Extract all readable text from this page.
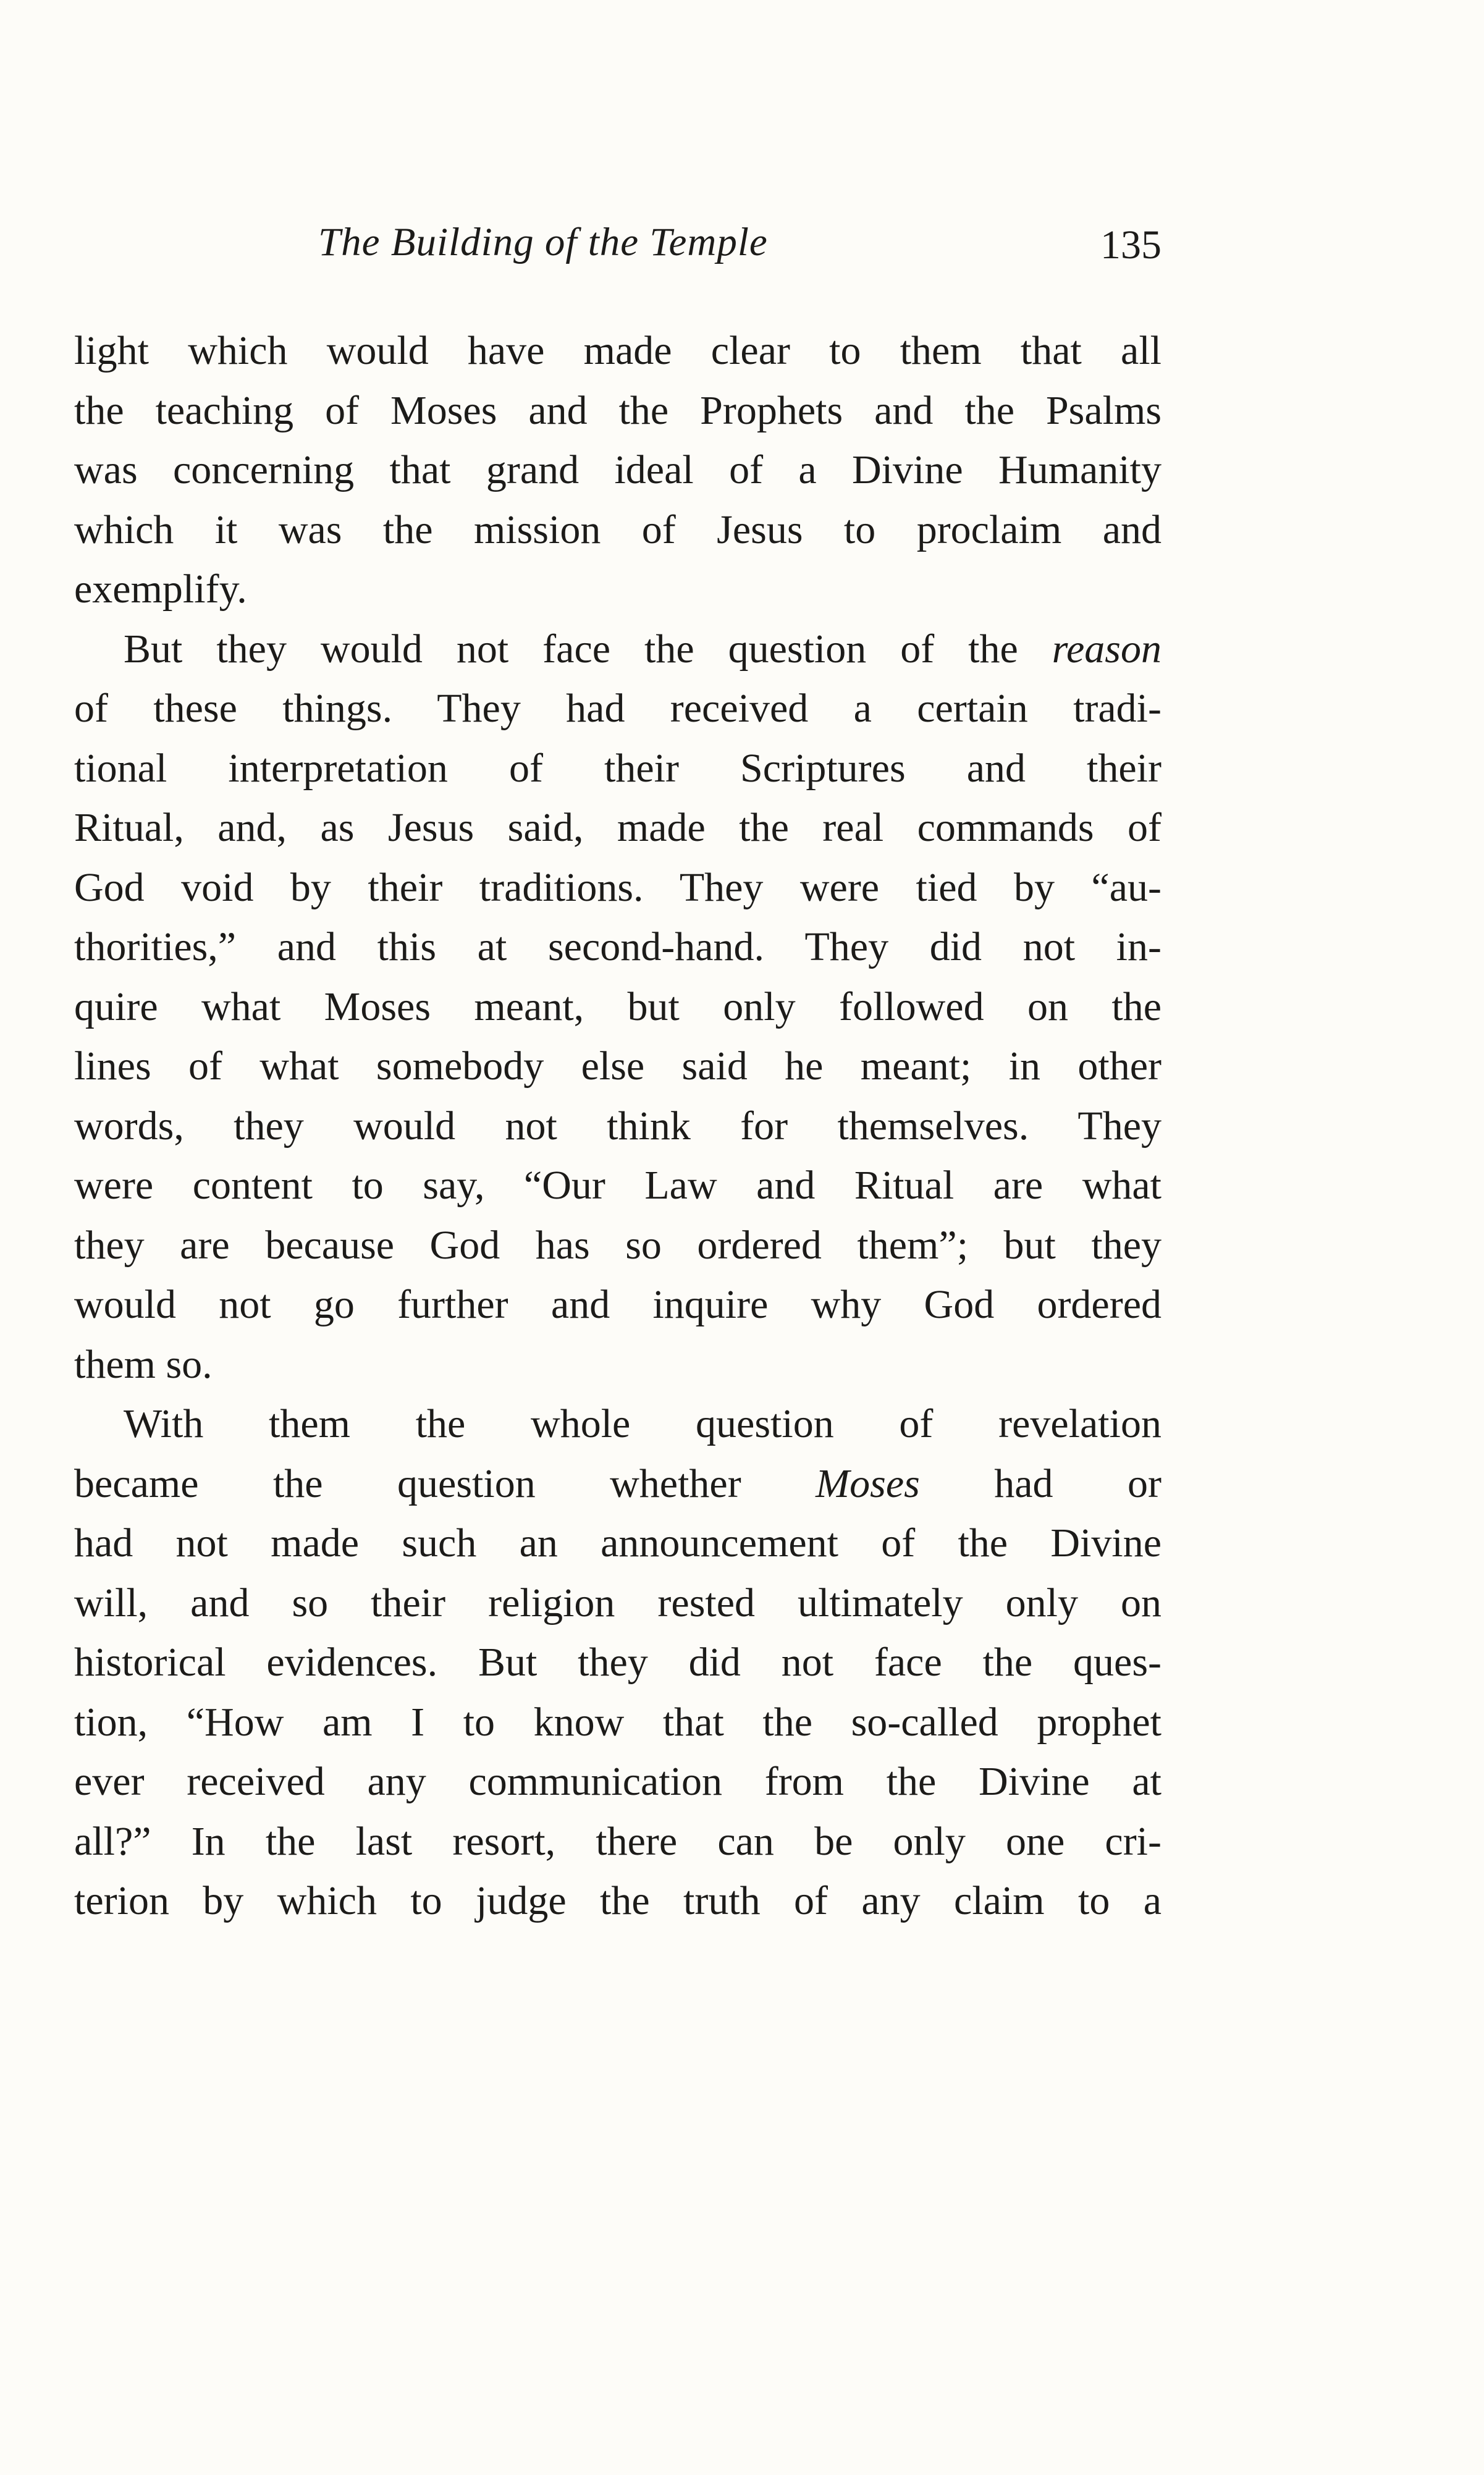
The Building of the Temple	135
light which would have made clear to them that all
the teaching of Moses and the Prophets and the Psalms
was concerning that grand ideal of a Divine Humanity
which it was the mission of Jesus to proclaim and
exemplify.
But they would not face the question of the reason
of these things. They had received a certain tradi-
tional interpretation of their Scriptures and their
Ritual, and, as Jesus said, made the real commands of
God void by their traditions. They were tied by “au-
thorities,” and this at second-hand. They did not in-
quire what Moses meant, but only followed on the
lines of what somebody else said he meant; in other
words, they would not think for themselves. They
were content to say, “Our Law and Ritual are what
they are because God has so ordered them”; but they
would not go further and inquire why God ordered
them so.
With them the whole question of revelation
became the question whether Moses had or
had not made such an announcement of the Divine
will, and so their religion rested ultimately only on
historical evidences. But they did not face the ques-
tion, “How am I to know that the so-called prophet
ever received any communication from the Divine at
all?” In the last resort, there can be only one cri-
terion by which to judge the truth of any claim to a
